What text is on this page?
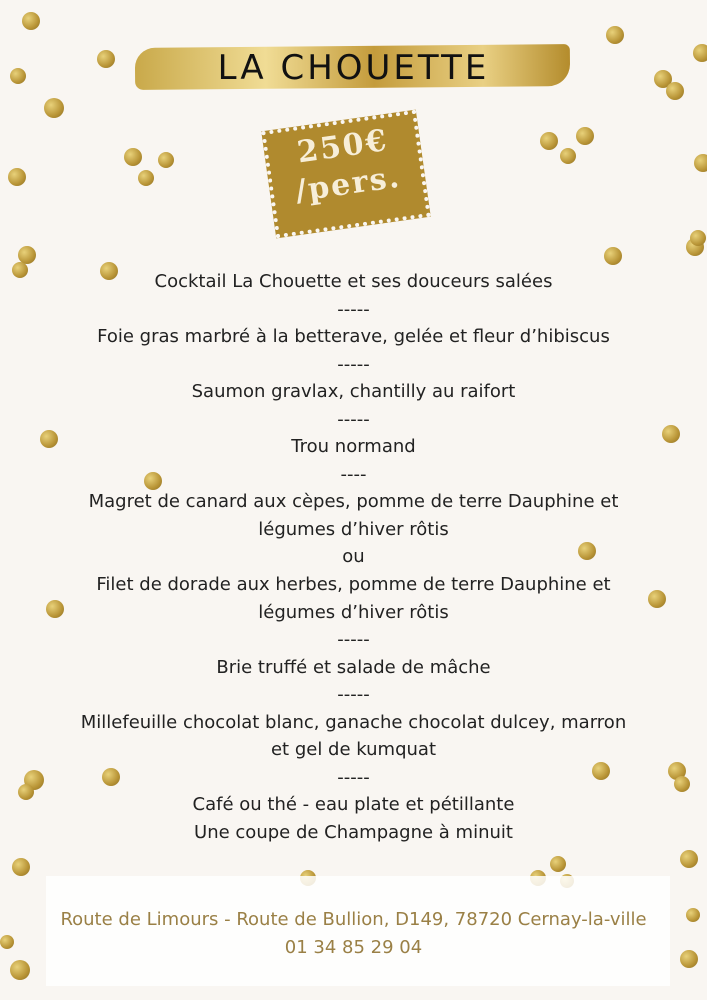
LA CHOUETTE
250€
/pers.
Cocktail La Chouette et ses douceurs salées
-----
Foie gras marbré à la betterave, gelée et fleur d’hibiscus
-----
Saumon gravlax, chantilly au raifort
-----
Trou normand
----
Magret de canard aux cèpes, pomme de terre Dauphine et
légumes d’hiver rôtis
ou
Filet de dorade aux herbes, pomme de terre Dauphine et
légumes d’hiver rôtis
-----
Brie truffé et salade de mâche
-----
Millefeuille chocolat blanc, ganache chocolat dulcey, marron
et gel de kumquat
-----
Café ou thé - eau plate et pétillante
Une coupe de Champagne à minuit
Route de Limours - Route de Bullion, D149, 78720 Cernay-la-ville
01 34 85 29 04
